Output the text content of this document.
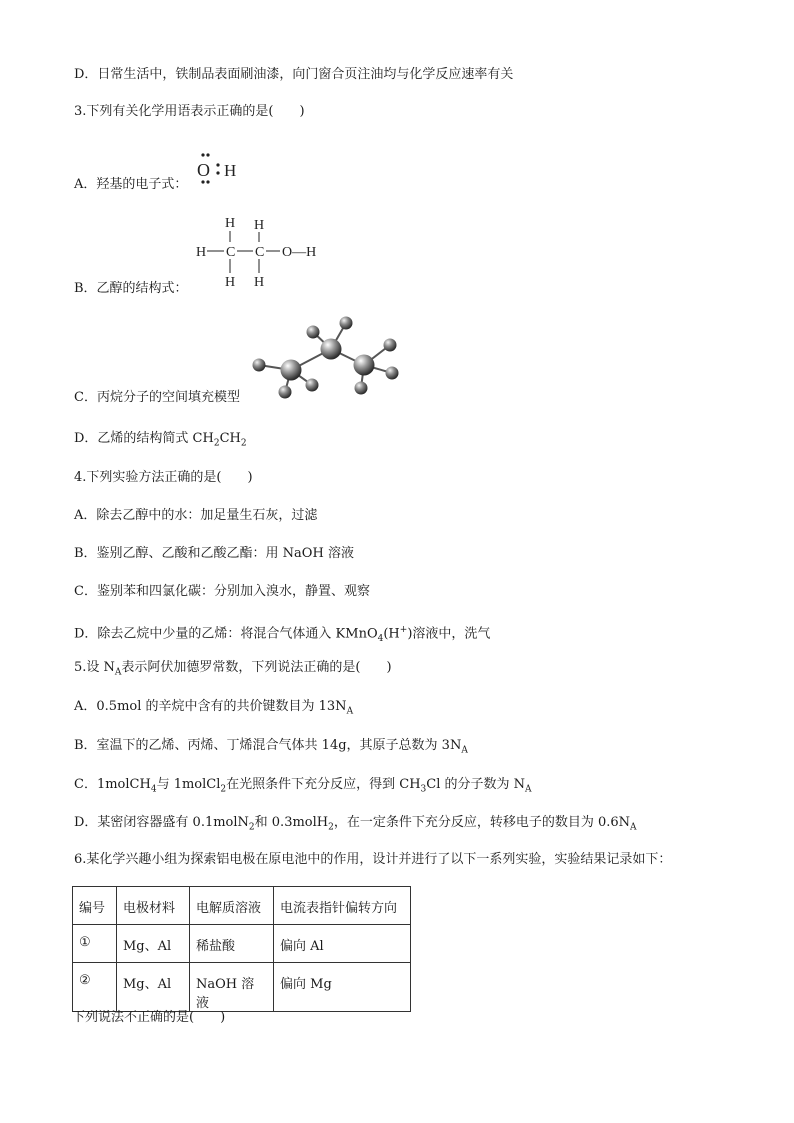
D．日常生活中，铁制品表面刷油漆，向门窗合页注油均与化学反应速率有关
3.下列有关化学用语表示正确的是(　　)
A．羟基的电子式：
O H
B．乙醇的结构式：
H H
H C C O—H
H H
C．丙烷分子的空间填充模型
D．乙烯的结构简式 $CH_2CH_2$
4.下列实验方法正确的是(　　)
A．除去乙醇中的水：加足量生石灰，过滤
B．鉴别乙醇、乙酸和乙酸乙酯：用 NaOH 溶液
C．鉴别苯和四氯化碳：分别加入溴水，静置、观察
D．除去乙烷中少量的乙烯：将混合气体通入 KMnO$_4$(H+)溶液中，洗气
5.设 $N_A$表示阿伏加德罗常数，下列说法正确的是(　　)
A．0.5mol 的辛烷中含有的共价键数目为 $13N_A$
B．室温下的乙烯、丙烯、丁烯混合气体共 14g，其原子总数为 $3N_A$
C．1molCH$_4$与 1molCl$_2$在光照条件下充分反应，得到 $CH_3Cl$ 的分子数为 $N_A$
D．某密闭容器盛有 0.1molN$_2$和 0.3molH$_2$，在一定条件下充分反应，转移电子的数目为 $0.6N_A$
6.某化学兴趣小组为探索铝电极在原电池中的作用，设计并进行了以下一系列实验，实验结果记录如下：
编号	电极材料	电解质溶液	电流表指针偏转方向
①	Mg、Al	稀盐酸	偏向 Al
②	Mg、Al	NaOH 溶液	偏向 Mg
下列说法不正确的是(　　)
